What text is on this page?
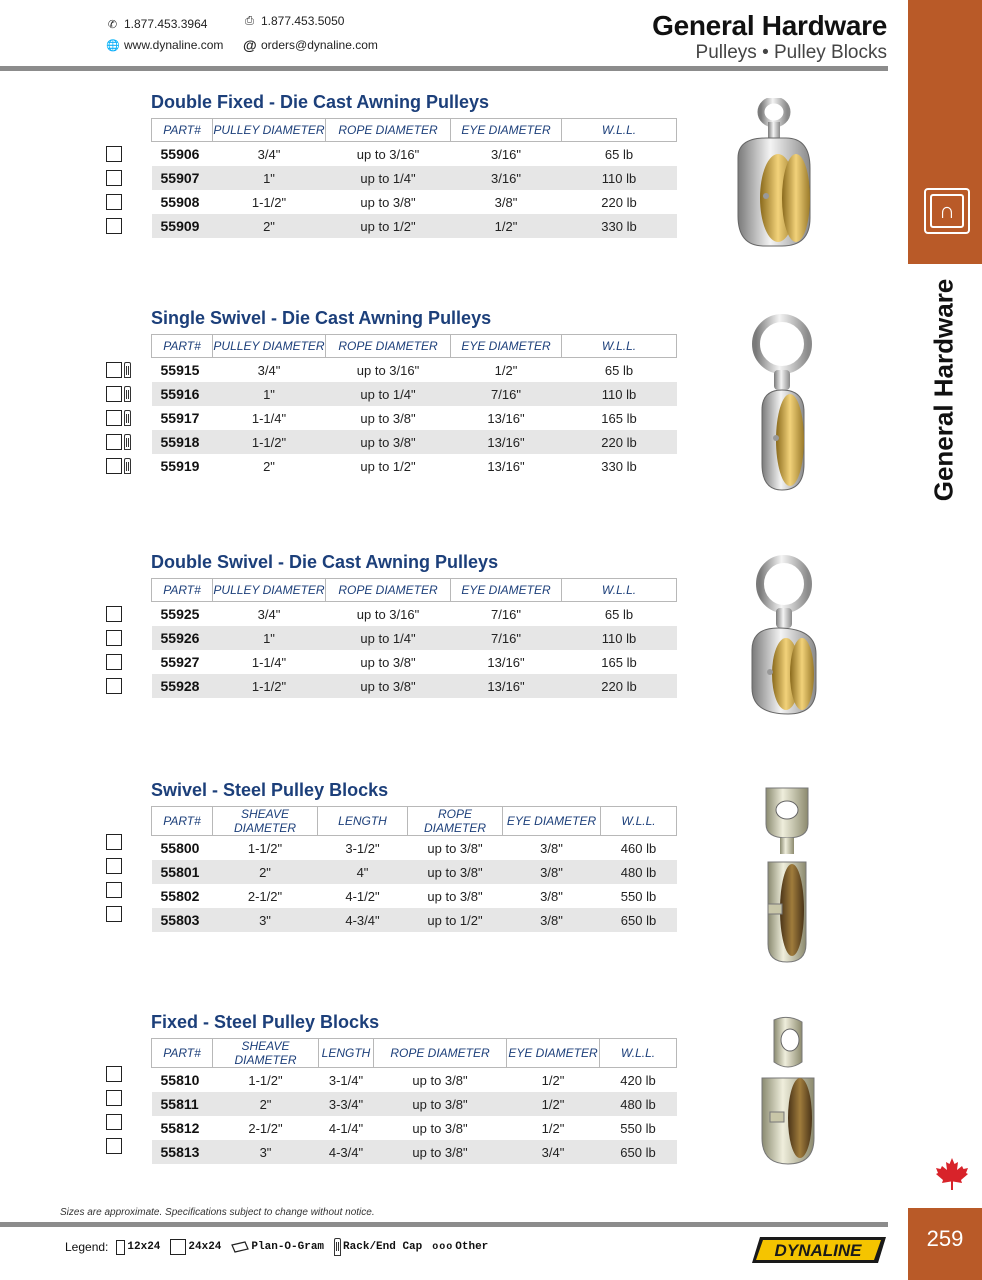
✆ 1.877.453.3964	⎙ 1.877.453.5050
🌐 www.dynaline.com @ orders@dynaline.com
General Hardware
Pulleys • Pulley Blocks
∩
General Hardware
259
Double Fixed - Die Cast Awning Pulleys
PART#	PULLEY DIAMETER	ROPE DIAMETER	EYE DIAMETER	W.L.L.
55906	3/4"	up to 3/16"	3/16"	65 lb
55907	1"	up to 1/4"	3/16"	110 lb
55908	1-1/2"	up to 3/8"	3/8"	220 lb
55909	2"	up to 1/2"	1/2"	330 lb
Single Swivel - Die Cast Awning Pulleys
PART#	PULLEY DIAMETER	ROPE DIAMETER	EYE DIAMETER	W.L.L.
55915	3/4"	up to 3/16"	1/2"	65 lb
55916	1"	up to 1/4"	7/16"	110 lb
55917	1-1/4"	up to 3/8"	13/16"	165 lb
55918	1-1/2"	up to 3/8"	13/16"	220 lb
55919	2"	up to 1/2"	13/16"	330 lb
Double Swivel - Die Cast Awning Pulleys
PART#	PULLEY DIAMETER	ROPE DIAMETER	EYE DIAMETER	W.L.L.
55925	3/4"	up to 3/16"	7/16"	65 lb
55926	1"	up to 1/4"	7/16"	110 lb
55927	1-1/4"	up to 3/8"	13/16"	165 lb
55928	1-1/2"	up to 3/8"	13/16"	220 lb
Swivel - Steel Pulley Blocks
PART#	SHEAVE DIAMETER	LENGTH	ROPE DIAMETER	EYE DIAMETER	W.L.L.
55800	1-1/2"	3-1/2"	up to 3/8"	3/8"	460 lb
55801	2"	4"	up to 3/8"	3/8"	480 lb
55802	2-1/2"	4-1/2"	up to 3/8"	3/8"	550 lb
55803	3"	4-3/4"	up to 1/2"	3/8"	650 lb
Fixed - Steel Pulley Blocks
PART#	SHEAVE DIAMETER	LENGTH	ROPE DIAMETER	EYE DIAMETER	W.L.L.
55810	1-1/2"	3-1/4"	up to 3/8"	1/2"	420 lb
55811	2"	3-3/4"	up to 3/8"	1/2"	480 lb
55812	2-1/2"	4-1/4"	up to 3/8"	1/2"	550 lb
55813	3"	4-3/4"	up to 3/8"	3/4"	650 lb
Sizes are approximate. Specifications subject to change without notice.
Legend: 12x24	24x24	Plan-O-Gram Rack/End Cap ooo Other	DYNALINE
